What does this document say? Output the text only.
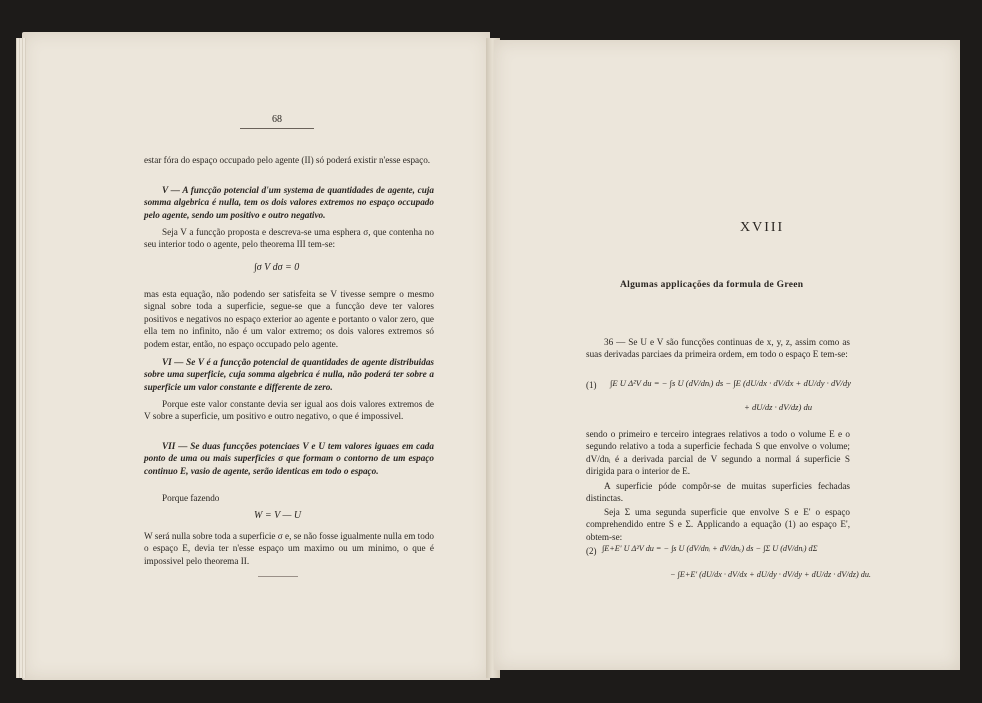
68

estar fóra do espaço occupado pelo agente (II) só poderá existir n'esse espaço.

V — A funcção potencial d'um systema de quantidades de agente, cuja somma algebrica é nulla, tem os dois valores extremos no espaço occupado pelo agente, sendo um positivo e outro negativo.

Seja V a funcção proposta e descreva-se uma esphera σ, que contenha no seu interior todo o agente, pelo theorema III tem-se:

∫σ V dσ = 0

mas esta equação, não podendo ser satisfeita se V tivesse sempre o mesmo signal sobre toda a superficie, segue-se que a funcção deve ter valores positivos e negativos no espaço exterior ao agente e portanto o valor zero, que ella tem no infinito, não é um valor extremo; os dois valores extremos só podem estar, então, no espaço occupado pelo agente.

VI — Se V é a funcção potencial de quantidades de agente distribuidas sobre uma superficie, cuja somma algebrica é nulla, não poderá ter sobre a superficie um valor constante e differente de zero.

Porque este valor constante devia ser igual aos dois valores extremos de V sobre a superficie, um positivo e outro negativo, o que é impossivel.

VII — Se duas funcções potenciaes V e U tem valores iguaes em cada ponto de uma ou mais superficies σ que formam o contorno de um espaço continuo E, vasio de agente, serão identicas em todo o espaço.

Porque fazendo

W = V — U

W será nulla sobre toda a superficie σ e, se não fosse igualmente nulla em todo o espaço E, devia ter n'esse espaço um maximo ou um minimo, o que é impossivel pelo theorema II.

XVIII
Algumas applicações da formula de Green

36 — Se U e V são funcções continuas de x, y, z, assim como as suas derivadas parciaes da primeira ordem, em todo o espaço E tem-se:

(1) ∫E U Δ²V du = − ∫s U (dV/dnᵢ) ds − ∫E (dU/dx · dV/dx + dU/dy · dV/dy
+ dU/dz · dV/dz) du

sendo o primeiro e terceiro integraes relativos a todo o volume E e o segundo relativo a toda a superficie fechada S que envolve o volume; dV/dnᵢ é a derivada parcial de V segundo a normal á superficie S dirigida para o interior de E.

A superficie póde compôr-se de muitas superficies fechadas distinctas.

Seja Σ uma segunda superficie que envolve S e E' o espaço comprehendido entre S e Σ. Applicando a equação (1) ao espaço E', obtem-se:

(2) ∫E+E' U Δ²V du = − ∫s U (dV/dnᵢ + dV/dnₑ) ds − ∫Σ U (dV/dnᵢ) dΣ
− ∫E+E' (dU/dx · dV/dx + dU/dy · dV/dy + dU/dz · dV/dz) du.
